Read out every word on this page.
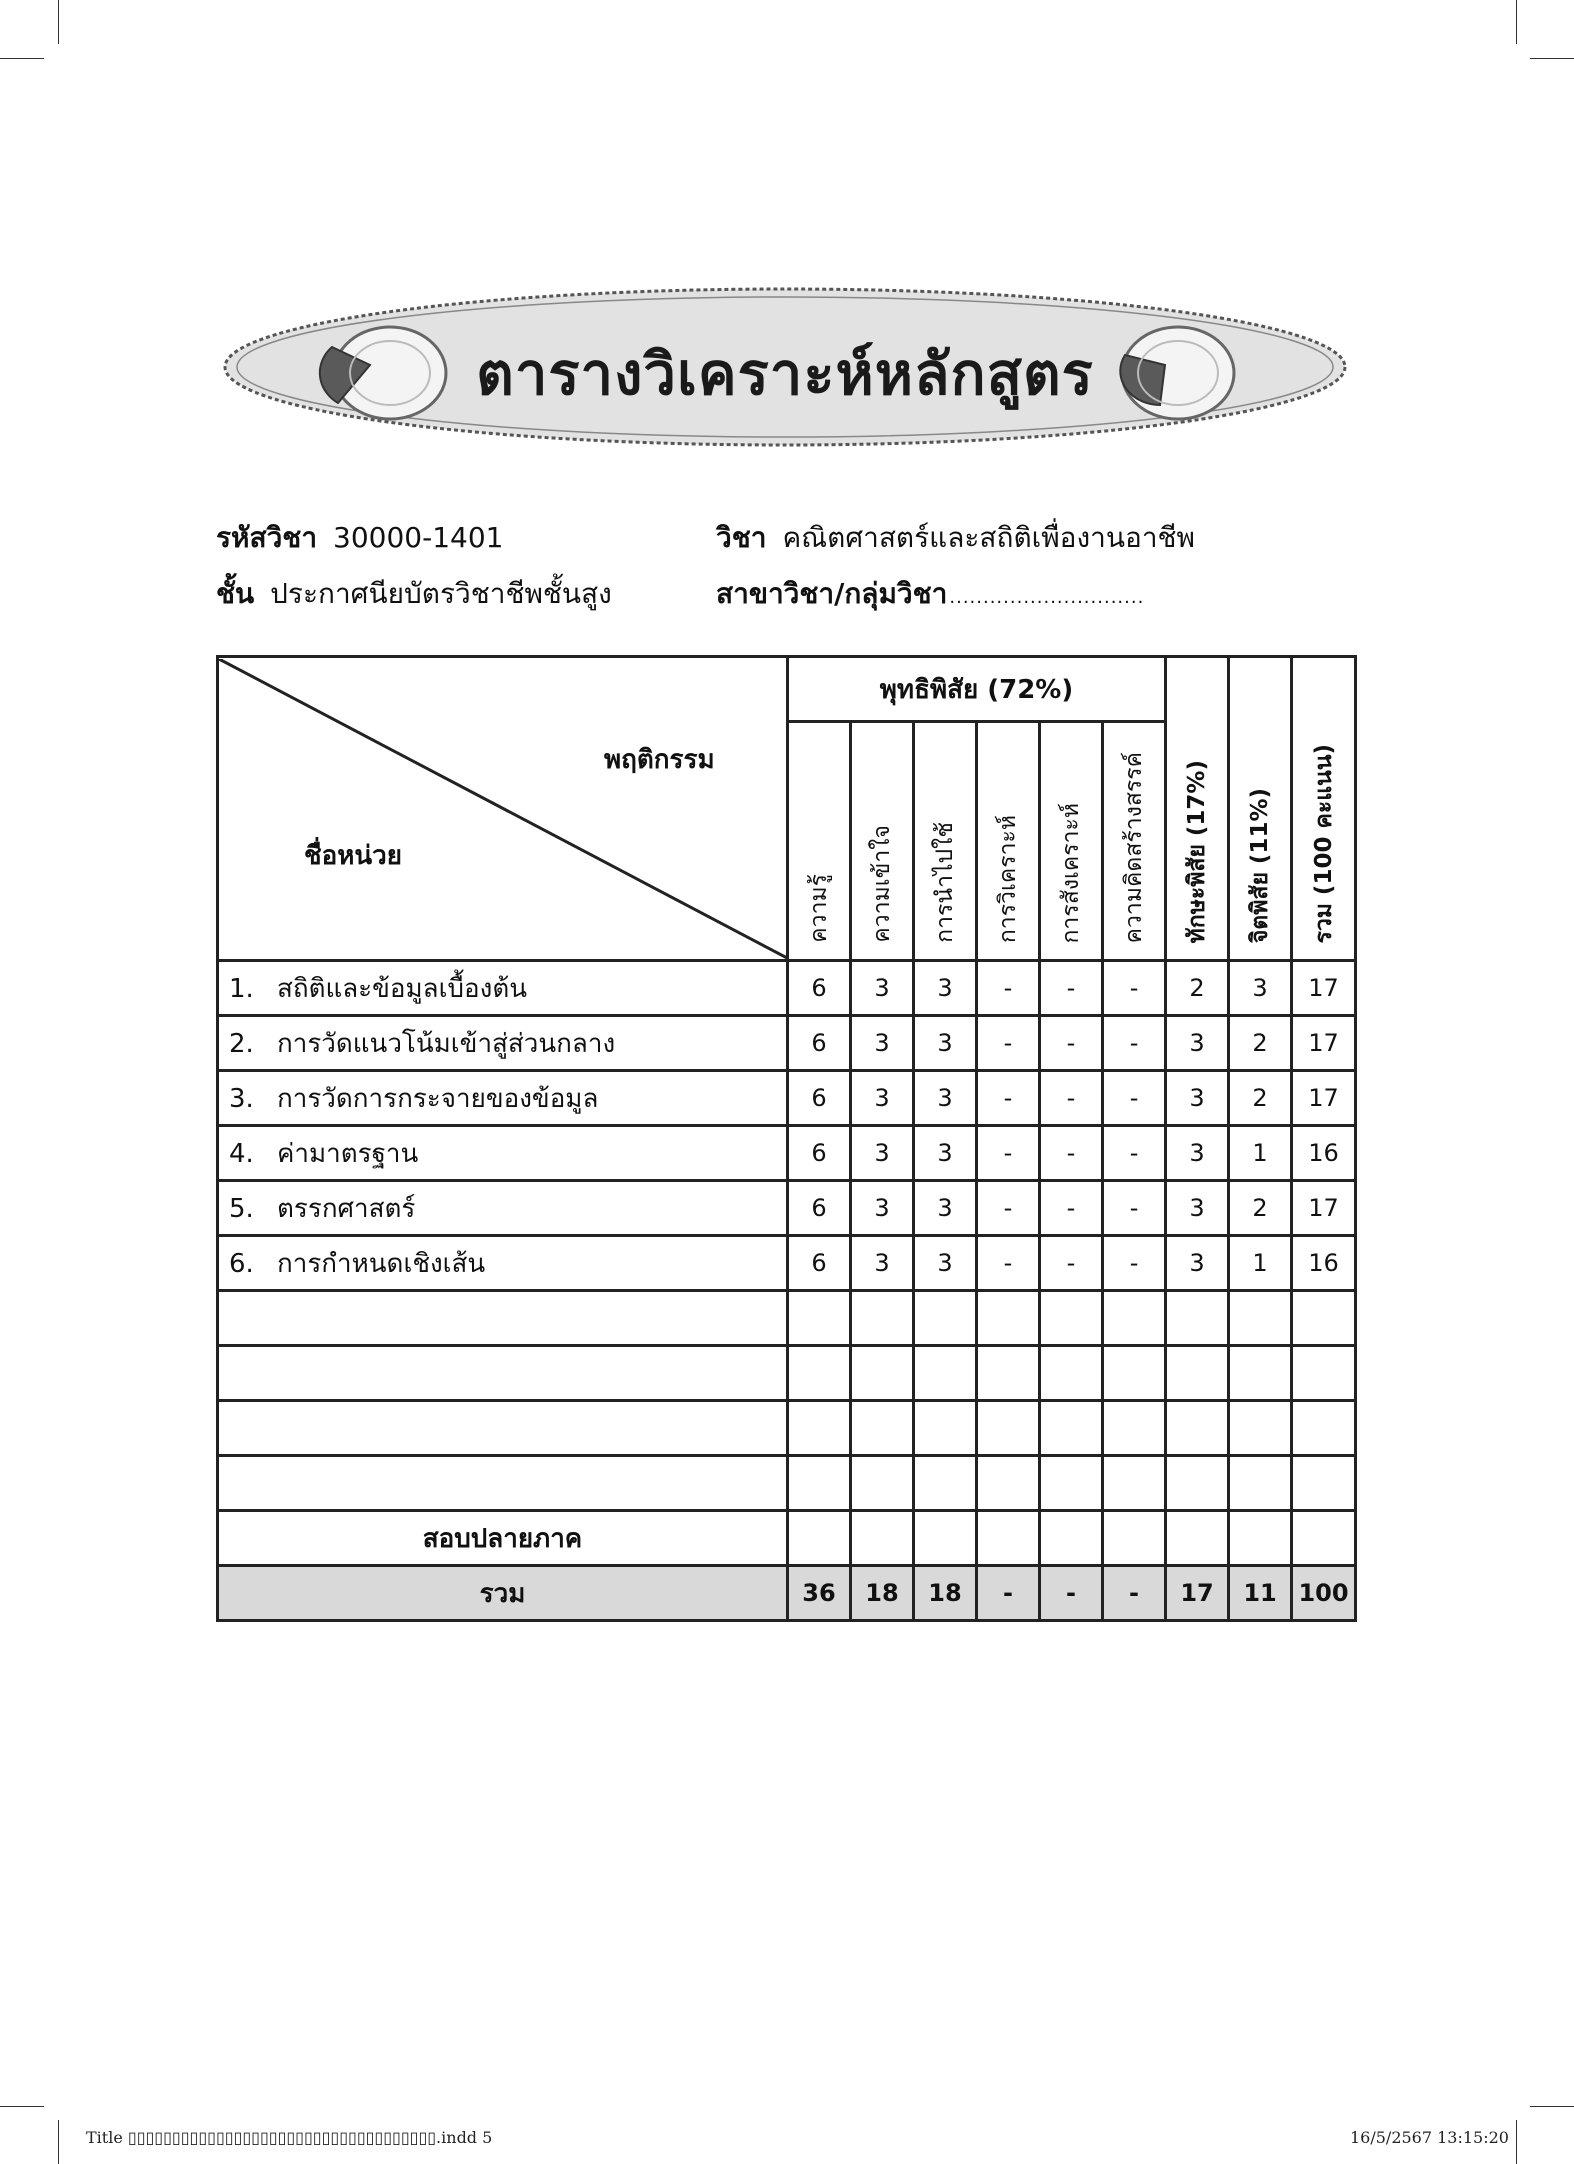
ตารางวิเคราะห์หลักสูตร
รหัสวิชา 30000-1401	วิชา คณิตศาสตร์และสถิติเพื่องานอาชีพ
ชั้น ประกาศนียบัตรวิชาชีพชั้นสูง	สาขาวิชา/กลุ่มวิชา .............................
พฤติกรรม
ชื่อหน่วย	พุทธิพิสัย (72%)						ทักษะพิสัย (17%)	จิตพิสัย (11%)	รวม (100 คะแนน)
	ความรู้	ความเข้าใจ	การนำไปใช้	การวิเคราะห์	การสังเคราะห์	ความคิดสร้างสรรค์			
1. สถิติและข้อมูลเบื้องต้น	6	3	3	-	-	-	2	3	17
2. การวัดแนวโน้มเข้าสู่ส่วนกลาง	6	3	3	-	-	-	3	2	17
3. การวัดการกระจายของข้อมูล	6	3	3	-	-	-	3	2	17
4. ค่ามาตรฐาน	6	3	3	-	-	-	3	1	16
5. ตรรกศาสตร์	6	3	3	-	-	-	3	2	17
6. การกำหนดเชิงเส้น	6	3	3	-	-	-	3	1	16

สอบปลายภาค									
รวม	36	18	18	-	-	-	17	11	100
Title ▯▯▯▯▯▯▯▯▯▯▯▯▯▯▯▯▯▯▯▯▯▯▯▯▯▯▯▯▯▯▯▯▯▯▯.indd 5	16/5/2567 13:15:20
